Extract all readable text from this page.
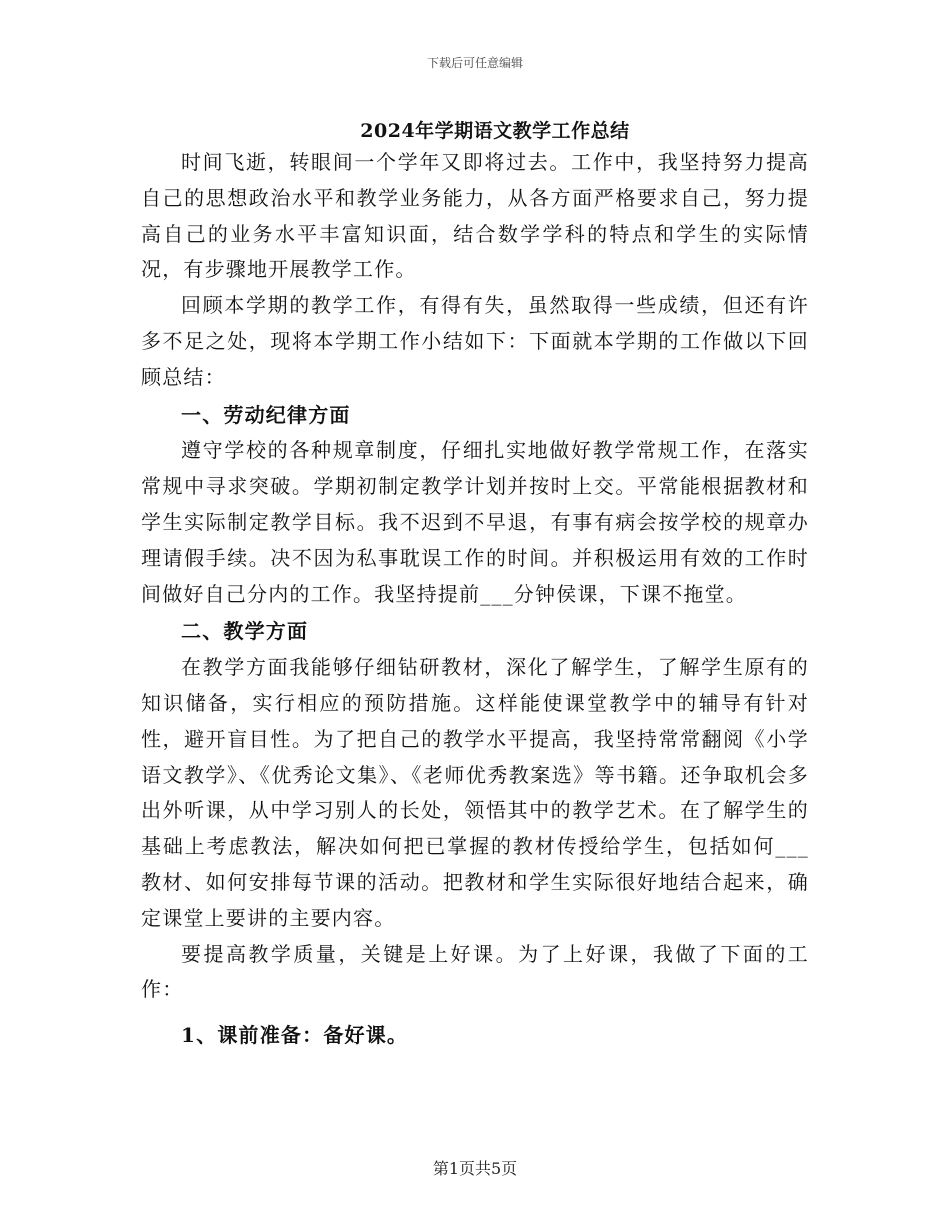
下载后可任意编辑
2024年学期语文教学工作总结

时间飞逝，转眼间一个学年又即将过去。工作中，我坚持努力提高自己的思想政治水平和教学业务能力，从各方面严格要求自己，努力提高自己的业务水平丰富知识面，结合数学学科的特点和学生的实际情况，有步骤地开展教学工作。

回顾本学期的教学工作，有得有失，虽然取得一些成绩，但还有许多不足之处，现将本学期工作小结如下：下面就本学期的工作做以下回顾总结：

一、劳动纪律方面

遵守学校的各种规章制度，仔细扎实地做好教学常规工作，在落实常规中寻求突破。学期初制定教学计划并按时上交。平常能根据教材和学生实际制定教学目标。我不迟到不早退，有事有病会按学校的规章办理请假手续。决不因为私事耽误工作的时间。并积极运用有效的工作时间做好自己分内的工作。我坚持提前___分钟侯课，下课不拖堂。

二、教学方面

在教学方面我能够仔细钻研教材，深化了解学生，了解学生原有的知识储备，实行相应的预防措施。这样能使课堂教学中的辅导有针对性，避开盲目性。为了把自己的教学水平提高，我坚持常常翻阅《小学语文教学》、《优秀论文集》、《老师优秀教案选》等书籍。还争取机会多出外听课，从中学习别人的长处，领悟其中的教学艺术。在了解学生的基础上考虑教法，解决如何把已掌握的教材传授给学生，包括如何___教材、如何安排每节课的活动。把教材和学生实际很好地结合起来，确定课堂上要讲的主要内容。

要提高教学质量，关键是上好课。为了上好课，我做了下面的工作：

1、课前准备：备好课。

第1页共5页
